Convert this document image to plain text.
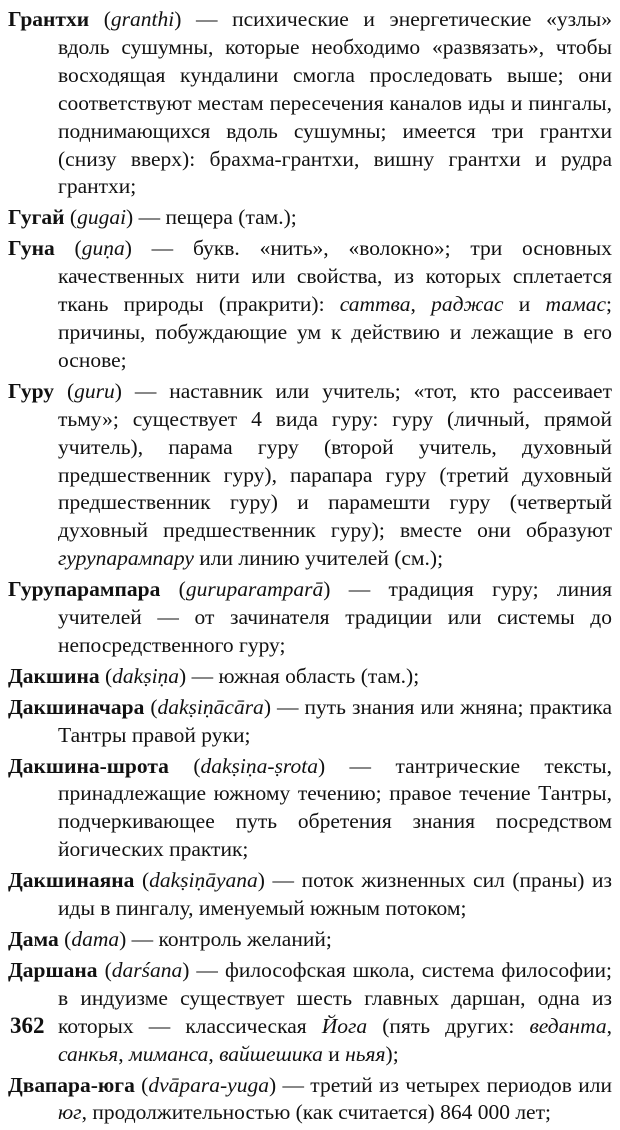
Грантхи (granthi) — психические и энергетические «узлы» вдоль сушумны, которые необходимо «развязать», чтобы восходящая кундалини смогла проследовать выше; они соответствуют местам пересечения каналов иды и пингалы, поднимающихся вдоль сушумны; имеется три грантхи (снизу вверх): брахма-грантхи, вишну грантхи и рудра грантхи;

Гугай (gugai) — пещера (там.);

Гуна (guṇa) — букв. «нить», «волокно»; три основных качественных нити или свойства, из которых сплетается ткань природы (пракрити): саттва, раджас и тамас; причины, побуждающие ум к действию и лежащие в его основе;

Гуру (guru) — наставник или учитель; «тот, кто рассеивает тьму»; существует 4 вида гуру: гуру (личный, прямой учитель), парама гуру (второй учитель, духовный предшественник гуру), парапара гуру (третий духовный предшественник гуру) и парамешти гуру (четвертый духовный предшественник гуру); вместе они образуют гурупарампару или линию учителей (см.);

Гурупарампара (guruparamparā) — традиция гуру; линия учителей — от зачинателя традиции или системы до непосредственного гуру;

Дакшина (dakṣiṇa) — южная область (там.);

Дакшиначара (dakṣiṇācāra) — путь знания или жняна; практика Тантры правой руки;

Дакшина-шрота (dakṣiṇa-ṣrota) — тантрические тексты, принадлежащие южному течению; правое течение Тантры, подчеркивающее путь обретения знания посредством йогических практик;

Дакшинаяна (dakṣiṇāyana) — поток жизненных сил (праны) из иды в пингалу, именуемый южным потоком;

Дама (dama) — контроль желаний;

Даршана (darśana) — философская школа, система философии; в индуизме существует шесть главных даршан, одна из которых — классическая Йога (пять других: веданта, санкья, миманса, вайшешика и ньяя);

Двапара-юга (dvāpara-yuga) — третий из четырех периодов или юг, продолжительностью (как считается) 864 000 лет;

362
